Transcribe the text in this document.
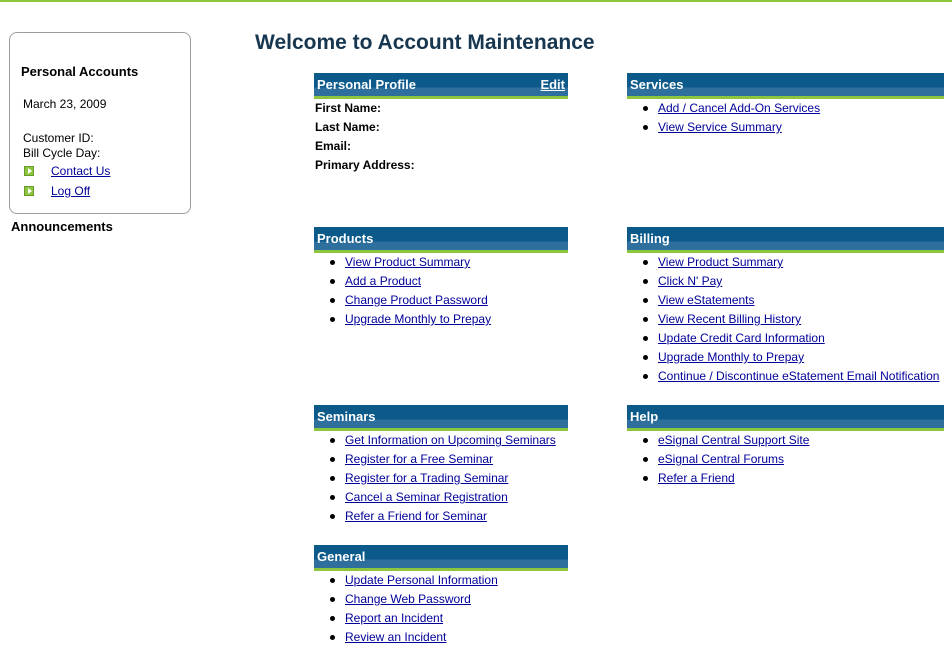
Personal Accounts
March 23, 2009
Customer ID:
Bill Cycle Day:
Contact Us
Log Off
Announcements
Welcome to Account Maintenance
Personal Profile	Edit
First Name:
Last Name:
Email:
Primary Address:
Services
Add / Cancel Add-On Services
View Service Summary
Products
View Product Summary
Add a Product
Change Product Password
Upgrade Monthly to Prepay
Billing
View Product Summary
Click N' Pay
View eStatements
View Recent Billing History
Update Credit Card Information
Upgrade Monthly to Prepay
Continue / Discontinue eStatement Email Notification
Seminars
Get Information on Upcoming Seminars
Register for a Free Seminar
Register for a Trading Seminar
Cancel a Seminar Registration
Refer a Friend for Seminar
Help
eSignal Central Support Site
eSignal Central Forums
Refer a Friend
General
Update Personal Information
Change Web Password
Report an Incident
Review an Incident
